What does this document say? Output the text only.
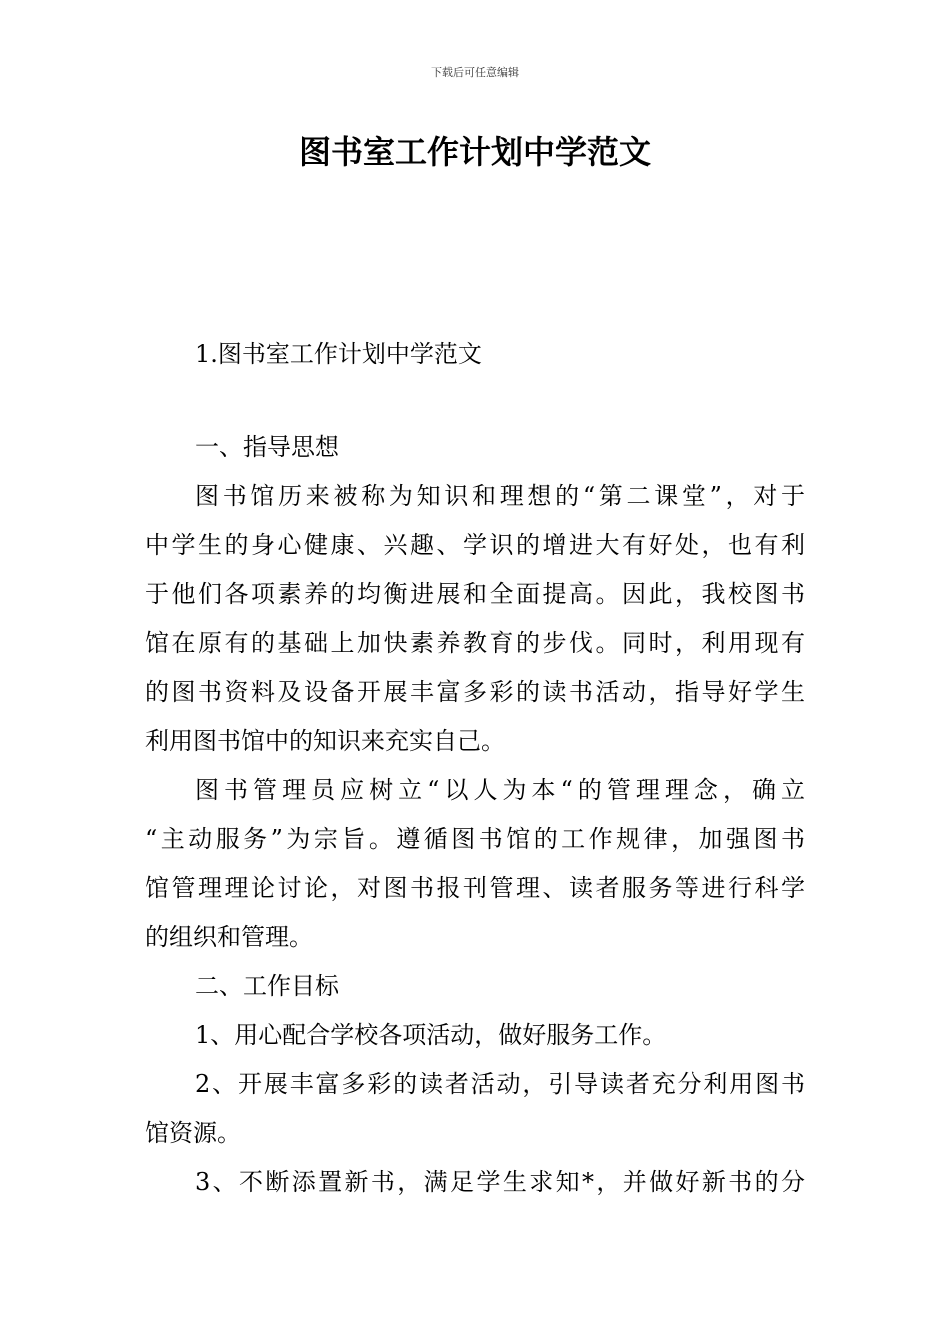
下载后可任意编辑
图书室工作计划中学范文
1.图书室工作计划中学范文
一、指导思想
图书馆历来被称为知识和理想的“第二课堂”，对于
中学生的身心健康、兴趣、学识的增进大有好处，也有利
于他们各项素养的均衡进展和全面提高。因此，我校图书
馆在原有的基础上加快素养教育的步伐。同时，利用现有
的图书资料及设备开展丰富多彩的读书活动，指导好学生
利用图书馆中的知识来充实自己。
图书管理员应树立“以人为本“的管理理念，确立
“主动服务”为宗旨。遵循图书馆的工作规律，加强图书
馆管理理论讨论，对图书报刊管理、读者服务等进行科学
的组织和管理。
二、工作目标
1、用心配合学校各项活动，做好服务工作。
2、开展丰富多彩的读者活动，引导读者充分利用图书
馆资源。
3、不断添置新书，满足学生求知*，并做好新书的分
